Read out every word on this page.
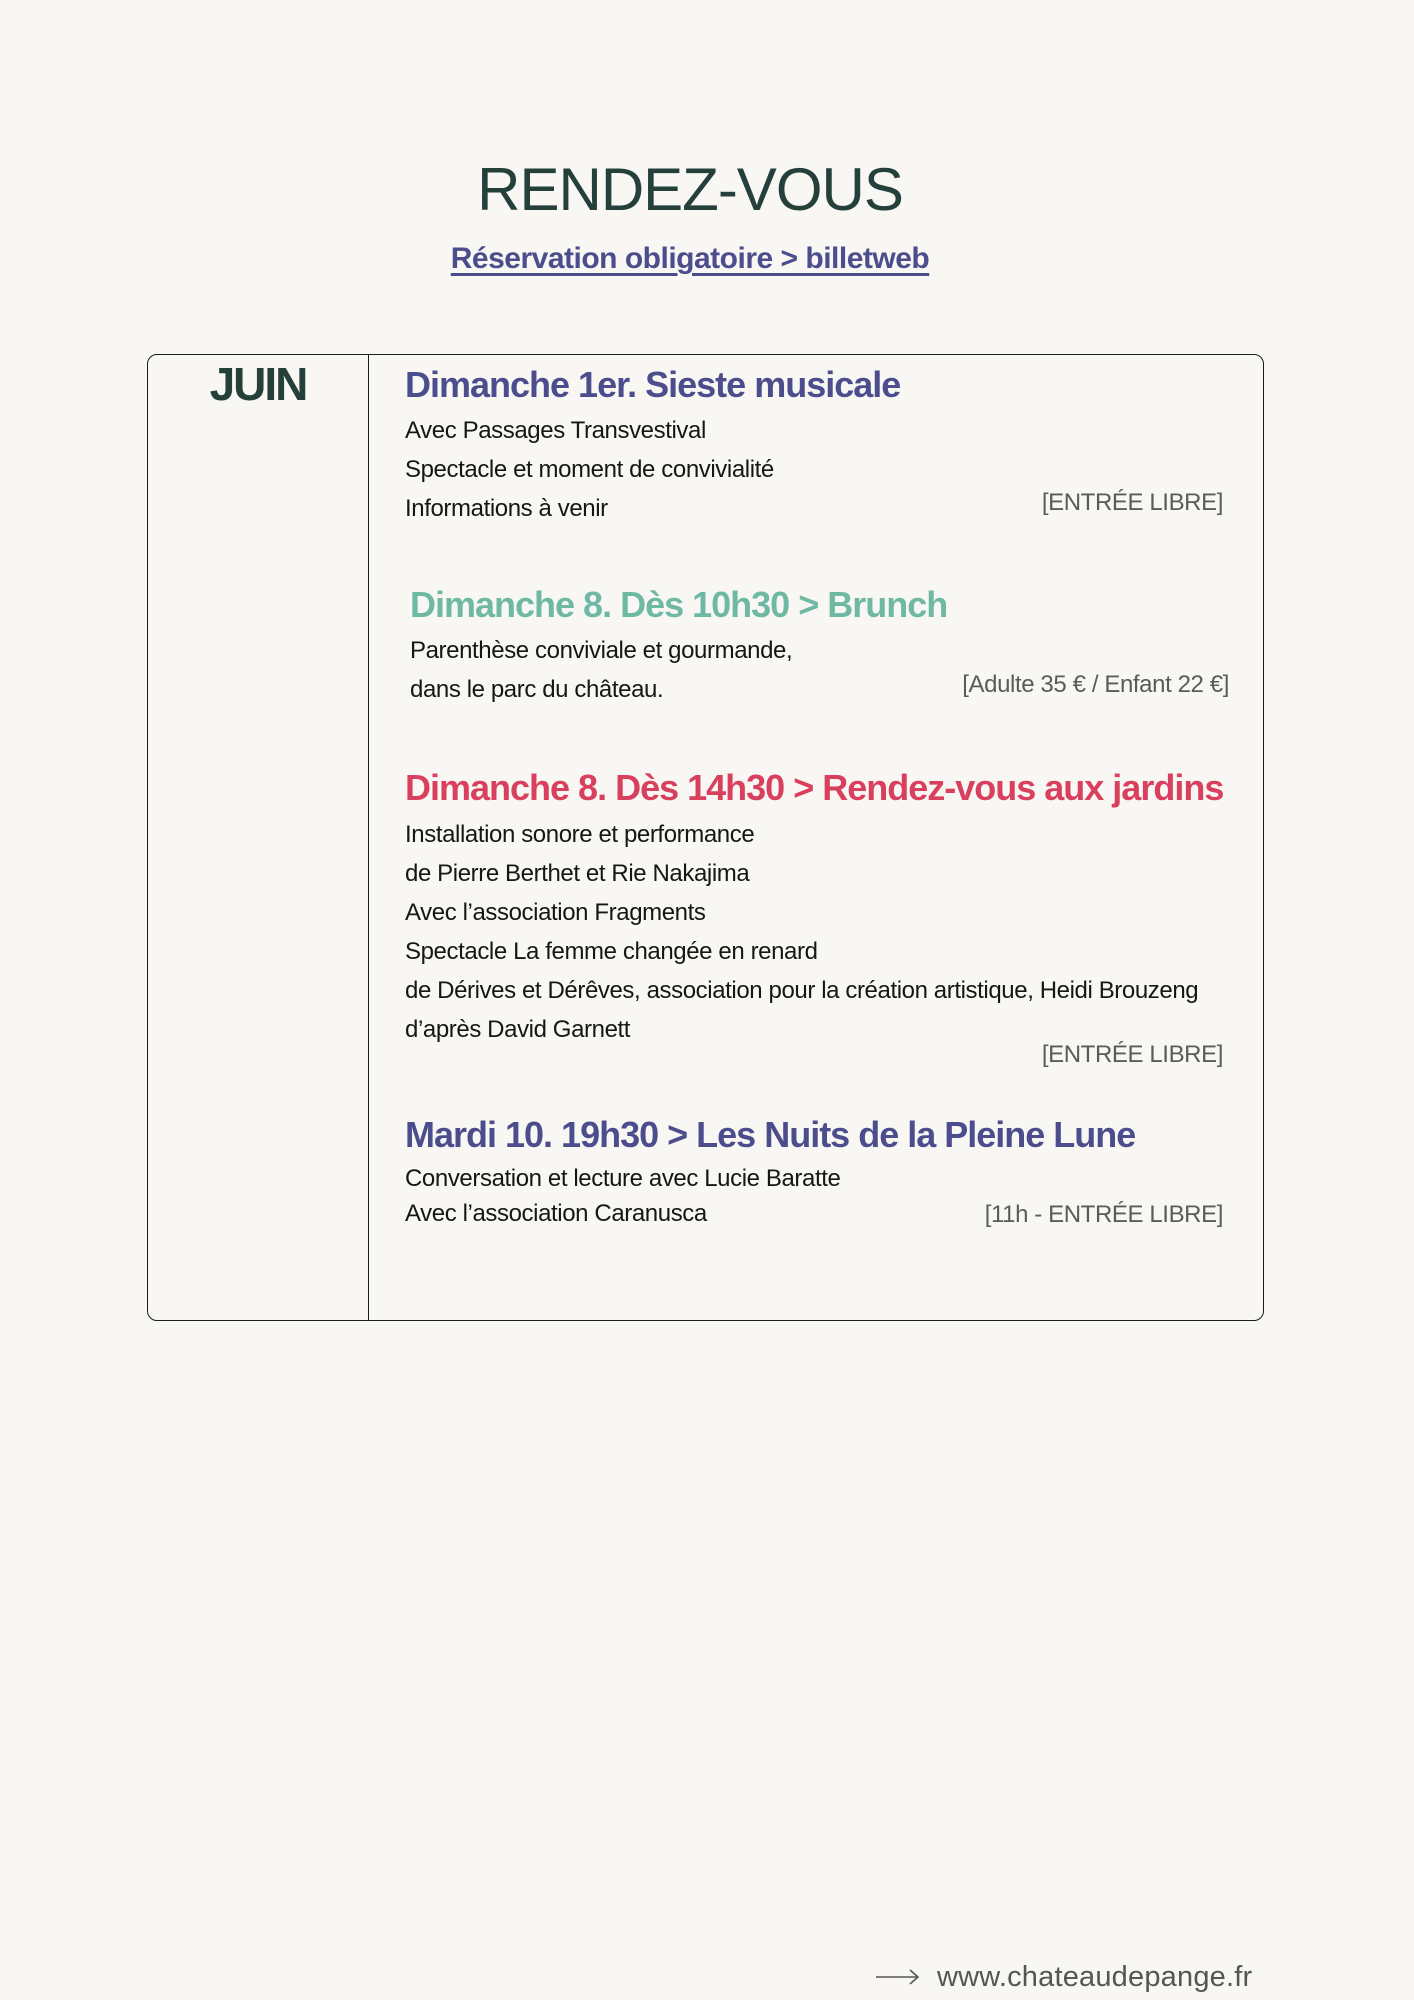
RENDEZ-VOUS
Réservation obligatoire > billetweb
JUIN	Dimanche 1er. Sieste musicale
Avec Passages Transvestival
Spectacle et moment de convivialité
Informations à venir	[ENTRÉE LIBRE]
Dimanche 8. Dès 10h30 > Brunch
Parenthèse conviviale et gourmande,
dans le parc du château.	[Adulte 35 € / Enfant 22 €]
Dimanche 8. Dès 14h30 > Rendez-vous aux jardins
Installation sonore et performance
de Pierre Berthet et Rie Nakajima
Avec l’association Fragments
Spectacle La femme changée en renard
de Dérives et Dérêves, association pour la création artistique, Heidi Brouzeng
d’après David Garnett
[ENTRÉE LIBRE]
Mardi 10. 19h30 > Les Nuits de la Pleine Lune
Conversation et lecture avec Lucie Baratte
Avec l’association Caranusca	[11h - ENTRÉE LIBRE]
www.chateaudepange.fr
